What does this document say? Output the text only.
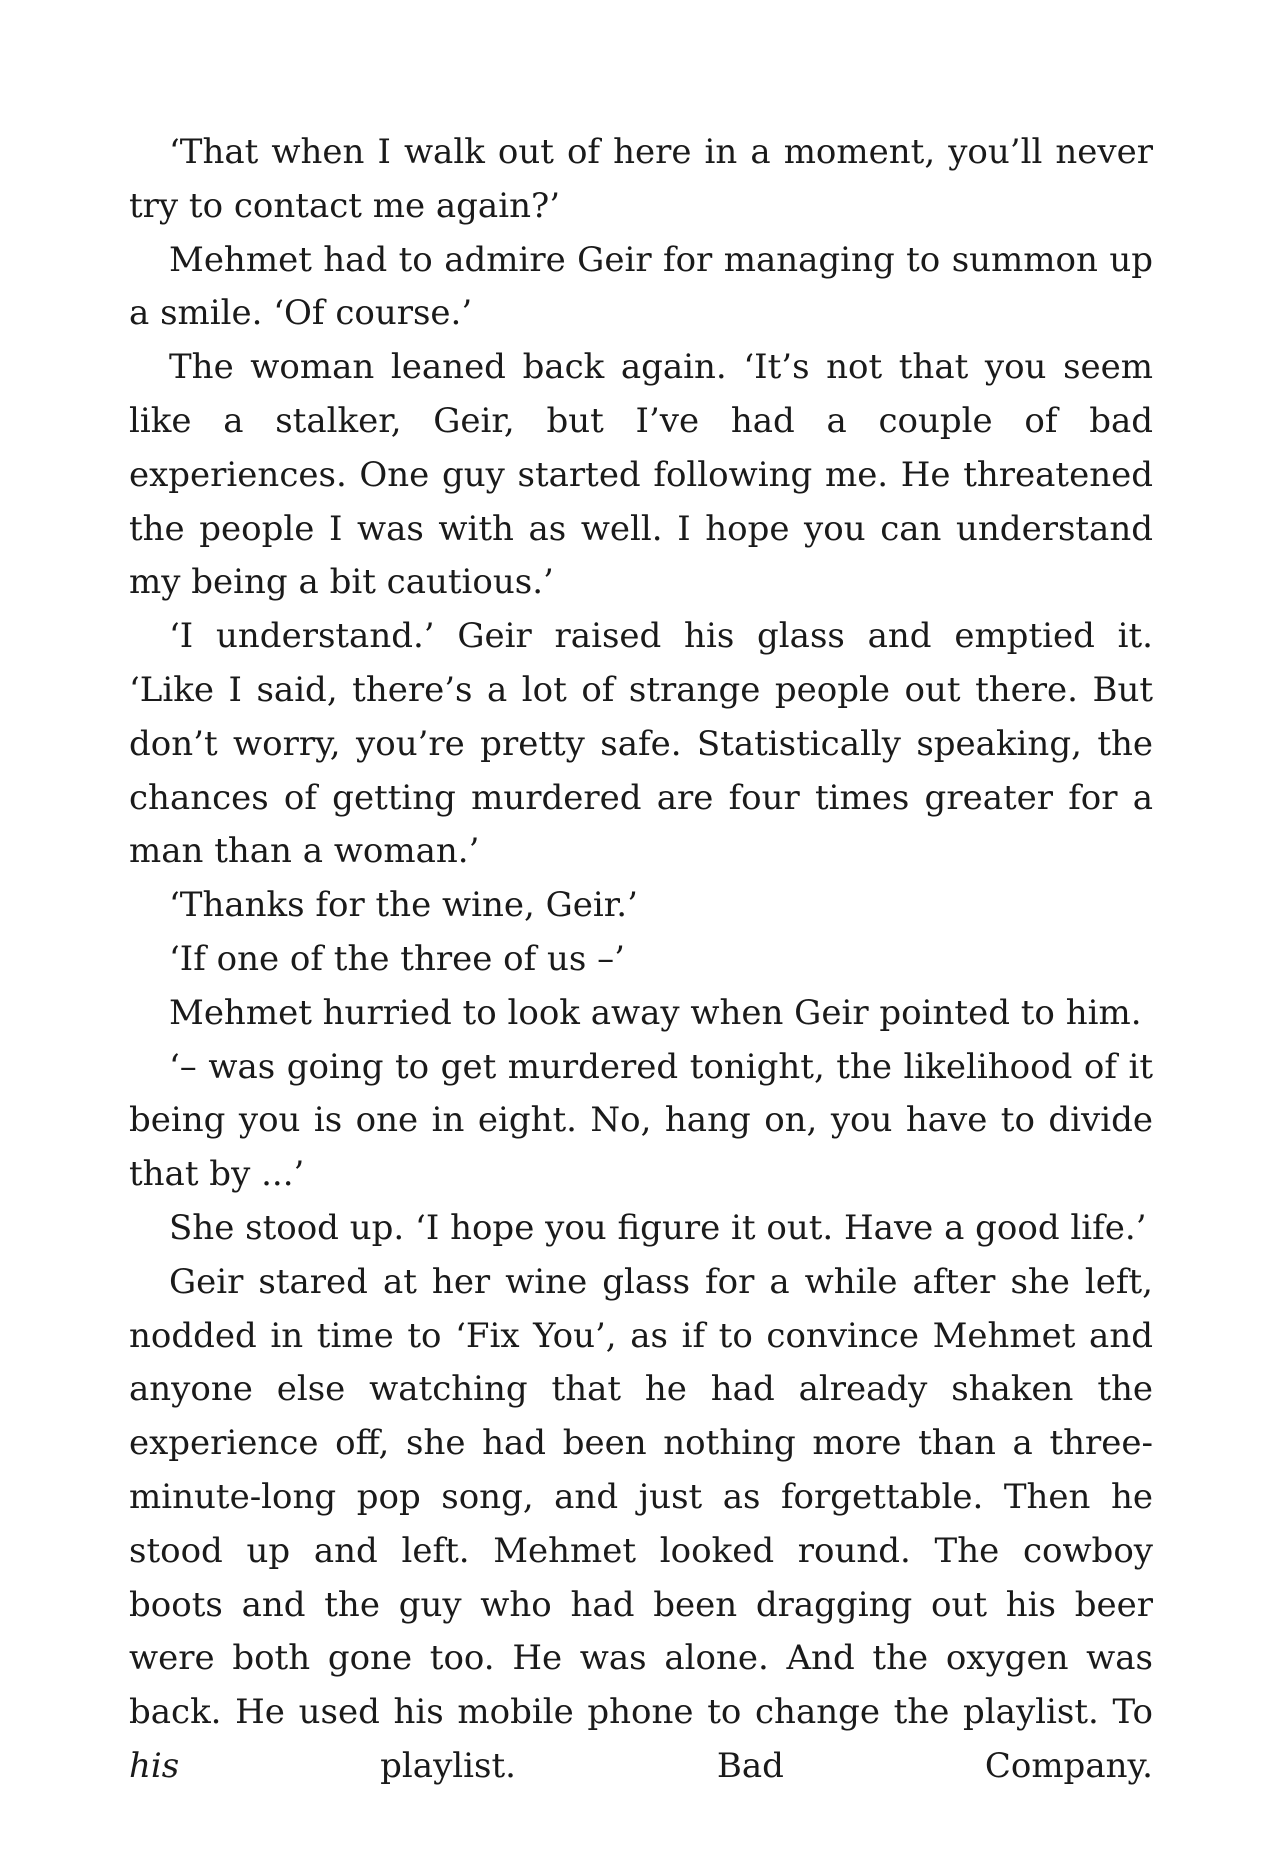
‘That when I walk out of here in a moment, you’ll never try to contact me again?’

Mehmet had to admire Geir for managing to summon up a smile. ‘Of course.’

The woman leaned back again. ‘It’s not that you seem like a stalker, Geir, but I’ve had a couple of bad experiences. One guy started following me. He threatened the people I was with as well. I hope you can understand my being a bit cautious.’

‘I understand.’ Geir raised his glass and emptied it. ‘Like I said, there’s a lot of strange people out there. But don’t worry, you’re pretty safe. Statistically speaking, the chances of getting murdered are four times greater for a man than a woman.’

‘Thanks for the wine, Geir.’

‘If one of the three of us –’

Mehmet hurried to look away when Geir pointed to him.

‘– was going to get murdered tonight, the likelihood of it being you is one in eight. No, hang on, you have to divide that by ...’

She stood up. ‘I hope you figure it out. Have a good life.’

Geir stared at her wine glass for a while after she left, nodded in time to ‘Fix You’, as if to convince Mehmet and anyone else watching that he had already shaken the experience off, she had been nothing more than a three-minute-long pop song, and just as forgettable. Then he stood up and left. Mehmet looked round. The cowboy boots and the guy who had been dragging out his beer were both gone too. He was alone. And the oxygen was back. He used his mobile phone to change the playlist. To his playlist. Bad Company.
